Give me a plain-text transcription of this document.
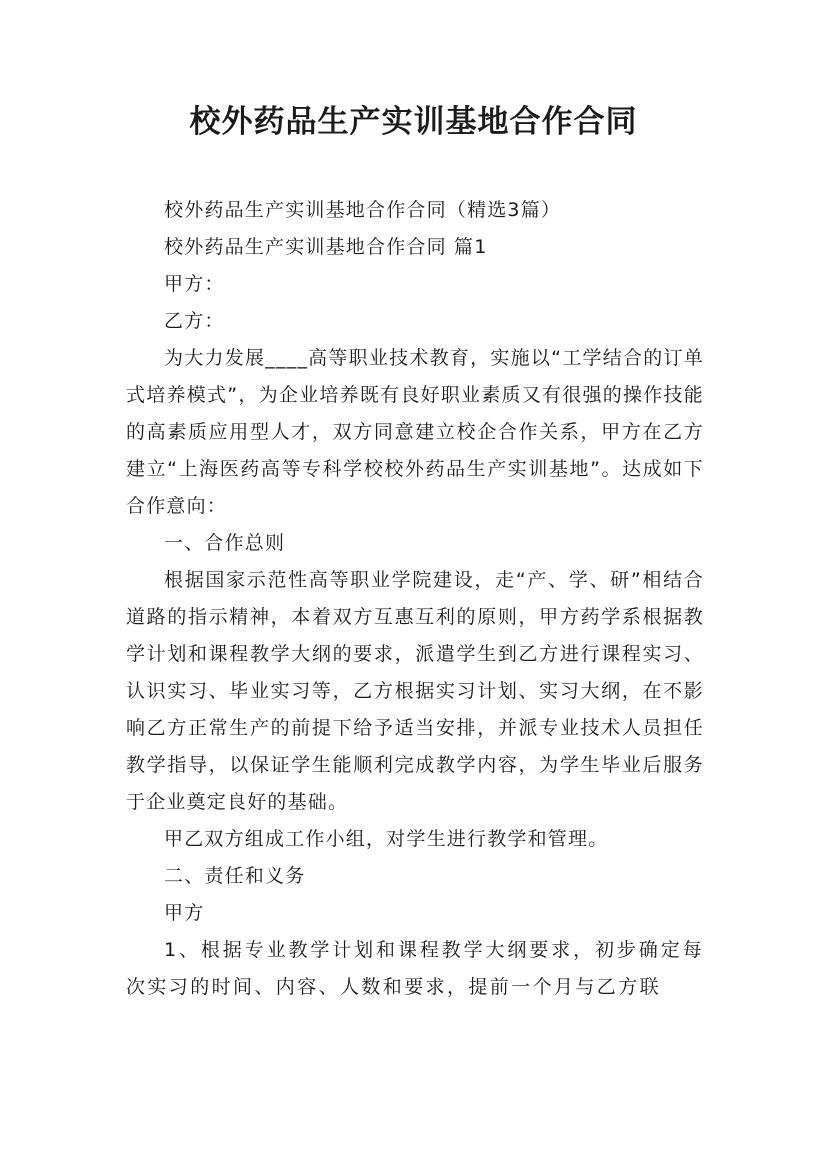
校外药品生产实训基地合作合同

校外药品生产实训基地合作合同（精选3篇）

校外药品生产实训基地合作合同 篇1

甲方：

乙方：

为大力发展____高等职业技术教育，实施以“工学结合的订单式培养模式”，为企业培养既有良好职业素质又有很强的操作技能的高素质应用型人才，双方同意建立校企合作关系，甲方在乙方建立“上海医药高等专科学校校外药品生产实训基地”。达成如下合作意向：

一、合作总则

根据国家示范性高等职业学院建设，走“产、学、研”相结合道路的指示精神，本着双方互惠互利的原则，甲方药学系根据教学计划和课程教学大纲的要求，派遣学生到乙方进行课程实习、认识实习、毕业实习等，乙方根据实习计划、实习大纲，在不影响乙方正常生产的前提下给予适当安排，并派专业技术人员担任教学指导，以保证学生能顺利完成教学内容，为学生毕业后服务于企业奠定良好的基础。

甲乙双方组成工作小组，对学生进行教学和管理。

二、责任和义务

甲方

1、根据专业教学计划和课程教学大纲要求，初步确定每次实习的时间、内容、人数和要求，提前一个月与乙方联
